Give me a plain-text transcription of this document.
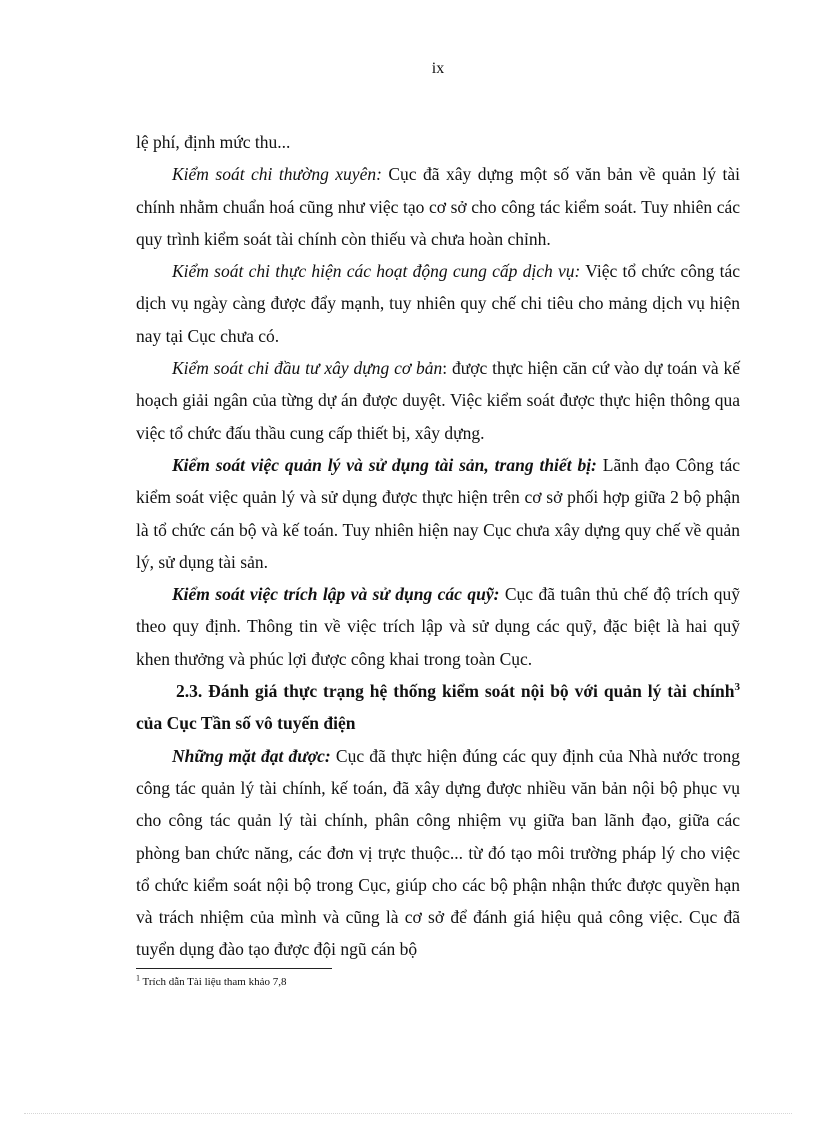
ix

lệ phí, định mức thu...

Kiểm soát chi thường xuyên: Cục đã xây dựng một số văn bản về quản lý tài chính nhằm chuẩn hoá cũng như việc tạo cơ sở cho công tác kiểm soát. Tuy nhiên các quy trình kiểm soát tài chính còn thiếu và chưa hoàn chỉnh.

Kiểm soát chi thực hiện các hoạt động cung cấp dịch vụ: Việc tổ chức công tác dịch vụ ngày càng được đẩy mạnh, tuy nhiên quy chế chi tiêu cho mảng dịch vụ hiện nay tại Cục chưa có.

Kiểm soát chi đầu tư xây dựng cơ bản: được thực hiện căn cứ vào dự toán và kế hoạch giải ngân của từng dự án được duyệt. Việc kiểm soát được thực hiện thông qua việc tổ chức đấu thầu cung cấp thiết bị, xây dựng.

Kiểm soát việc quản lý và sử dụng tài sản, trang thiết bị: Lãnh đạo Công tác kiểm soát việc quản lý và sử dụng được thực hiện trên cơ sở phối hợp giữa 2 bộ phận là tổ chức cán bộ và kế toán. Tuy nhiên hiện nay Cục chưa xây dựng quy chế về quản lý, sử dụng tài sản.

Kiểm soát việc trích lập và sử dụng các quỹ: Cục đã tuân thủ chế độ trích quỹ theo quy định. Thông tin về việc trích lập và sử dụng các quỹ, đặc biệt là hai quỹ khen thưởng và phúc lợi được công khai trong toàn Cục.

2.3. Đánh giá thực trạng hệ thống kiểm soát nội bộ với quản lý tài chính$^3$ của Cục Tần số vô tuyến điện

Những mặt đạt được: Cục đã thực hiện đúng các quy định của Nhà nước trong công tác quản lý tài chính, kế toán, đã xây dựng được nhiều văn bản nội bộ phục vụ cho công tác quản lý tài chính, phân công nhiệm vụ giữa ban lãnh đạo, giữa các phòng ban chức năng, các đơn vị trực thuộc... từ đó tạo môi trường pháp lý cho việc tổ chức kiểm soát nội bộ trong Cục, giúp cho các bộ phận nhận thức được quyền hạn và trách nhiệm của mình và cũng là cơ sở để đánh giá hiệu quả công việc. Cục đã tuyển dụng đào tạo được đội ngũ cán bộ

$^1$ Trích dẫn Tài liệu tham khảo 7,8
